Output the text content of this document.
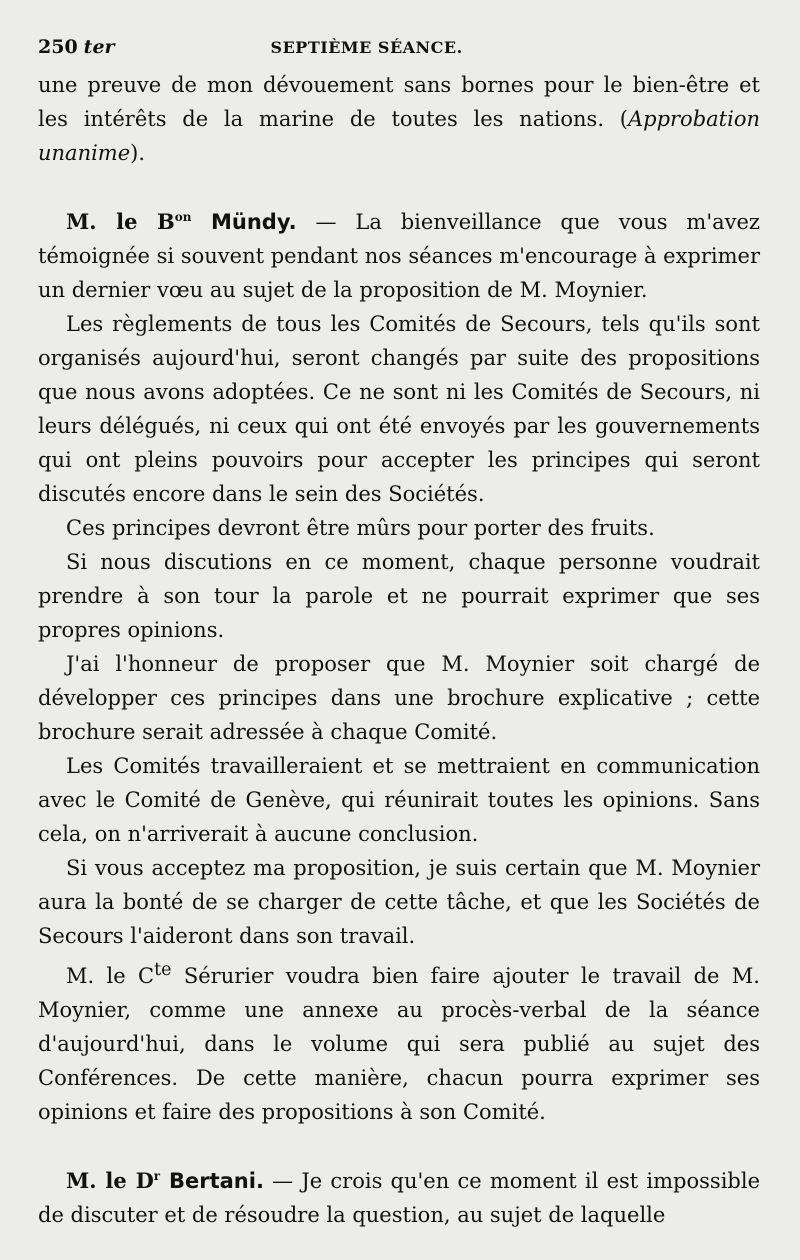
250 ter	SEPTIÈME SÉANCE.

une preuve de mon dévouement sans bornes pour le bien-être et les intérêts de la marine de toutes les nations. (Approbation unanime).

M. le $B^{on}$ Mündy. — La bienveillance que vous m'avez témoignée si souvent pendant nos séances m'encourage à exprimer un dernier vœu au sujet de la proposition de M. Moynier.

Les règlements de tous les Comités de Secours, tels qu'ils sont organisés aujourd'hui, seront changés par suite des propositions que nous avons adoptées. Ce ne sont ni les Comités de Secours, ni leurs délégués, ni ceux qui ont été envoyés par les gouvernements qui ont pleins pouvoirs pour accepter les principes qui seront discutés encore dans le sein des Sociétés.

Ces principes devront être mûrs pour porter des fruits.

Si nous discutions en ce moment, chaque personne voudrait prendre à son tour la parole et ne pourrait exprimer que ses propres opinions.

J'ai l'honneur de proposer que M. Moynier soit chargé de développer ces principes dans une brochure explicative ; cette brochure serait adressée à chaque Comité.

Les Comités travailleraient et se mettraient en communication avec le Comité de Genève, qui réunirait toutes les opinions. Sans cela, on n'arriverait à aucune conclusion.

Si vous acceptez ma proposition, je suis certain que M. Moynier aura la bonté de se charger de cette tâche, et que les Sociétés de Secours l'aideront dans son travail.

M. le $C^{te}$ Sérurier voudra bien faire ajouter le travail de M. Moynier, comme une annexe au procès-verbal de la séance d'aujourd'hui, dans le volume qui sera publié au sujet des Conférences. De cette manière, chacun pourra exprimer ses opinions et faire des propositions à son Comité.

M. le $D^r$ Bertani. — Je crois qu'en ce moment il est impossible de discuter et de résoudre la question, au sujet de laquelle
